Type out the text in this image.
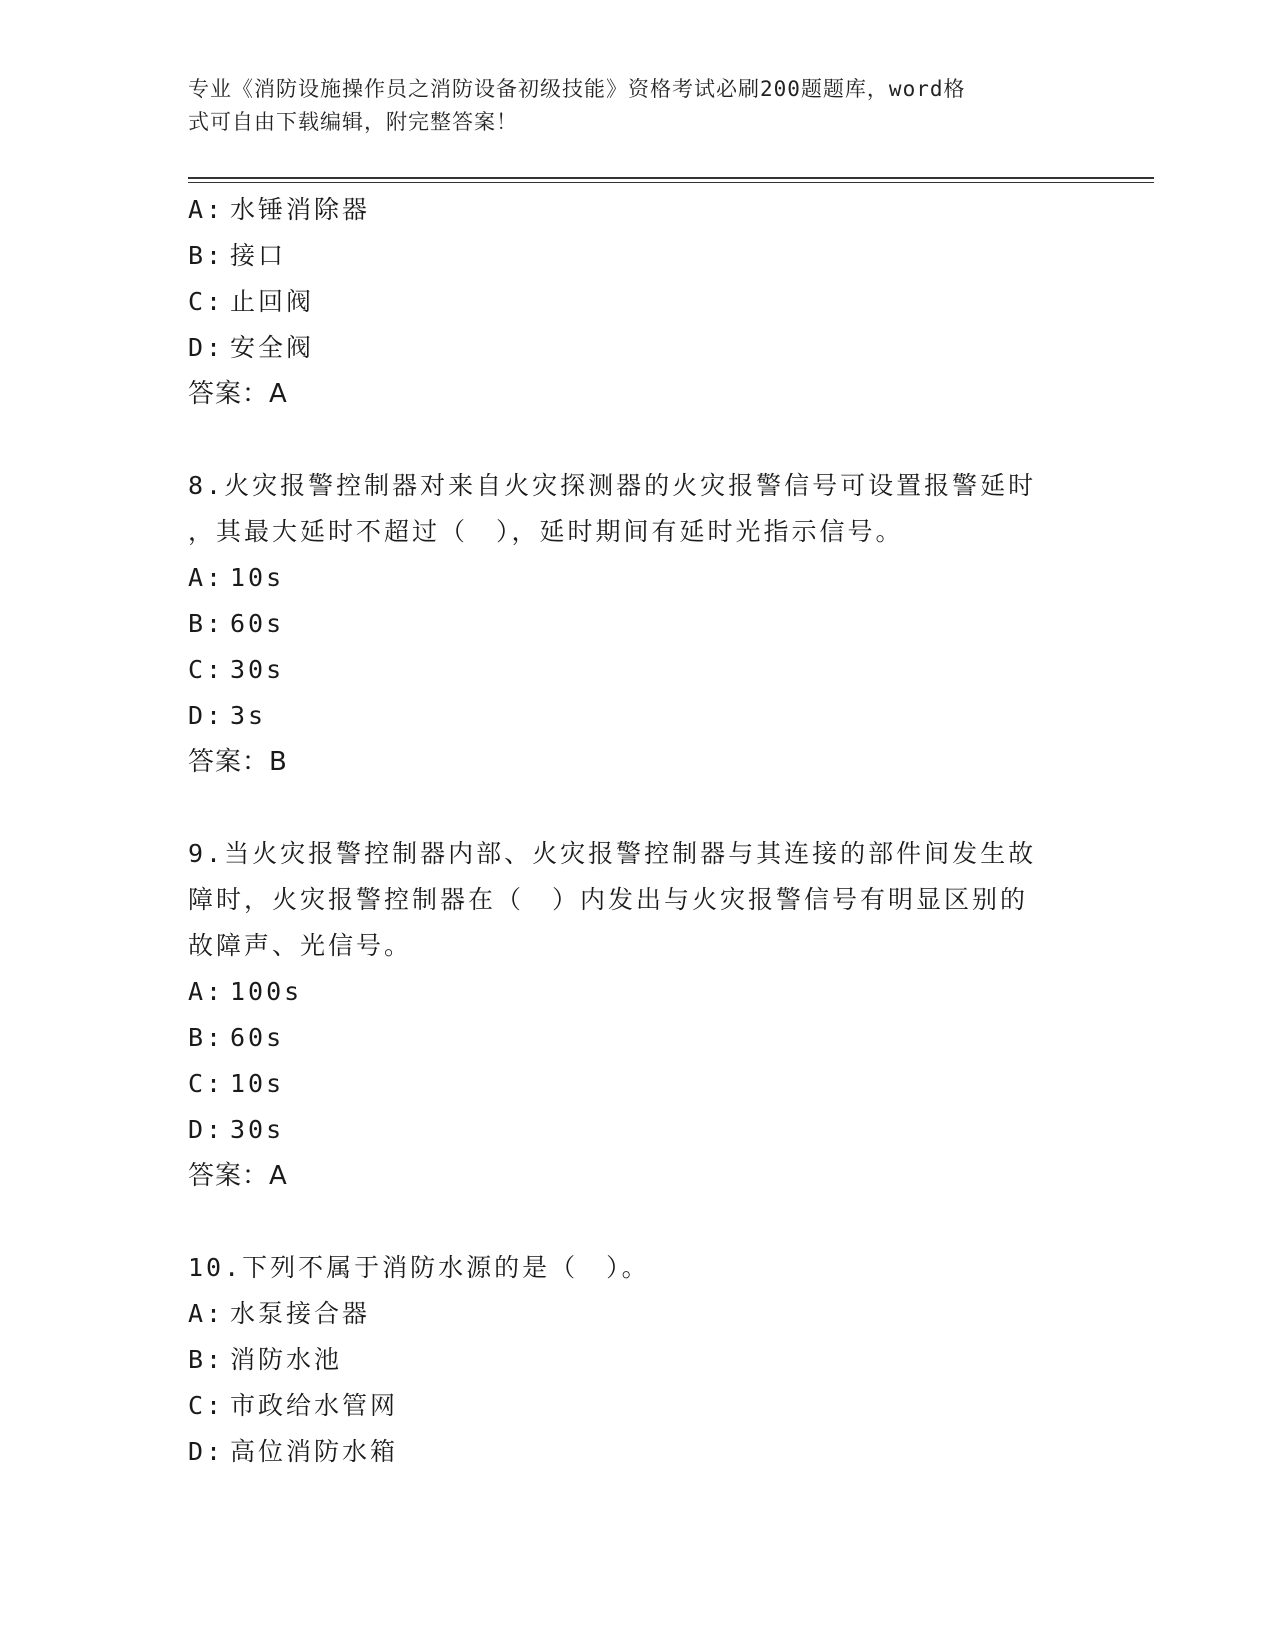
专业《消防设施操作员之消防设备初级技能》资格考试必刷200题题库，word格
式可自由下载编辑，附完整答案！
A: 水锤消除器
B: 接口
C: 止回阀
D: 安全阀
答案：A
8.火灾报警控制器对来自火灾探测器的火灾报警信号可设置报警延时
，其最大延时不超过（　），延时期间有延时光指示信号。
A: 10s
B: 60s
C: 30s
D: 3s
答案：B
9.当火灾报警控制器内部、火灾报警控制器与其连接的部件间发生故
障时，火灾报警控制器在（　）内发出与火灾报警信号有明显区别的
故障声、光信号。
A: 100s
B: 60s
C: 10s
D: 30s
答案：A
10.下列不属于消防水源的是（　）。
A: 水泵接合器
B: 消防水池
C: 市政给水管网
D: 高位消防水箱
